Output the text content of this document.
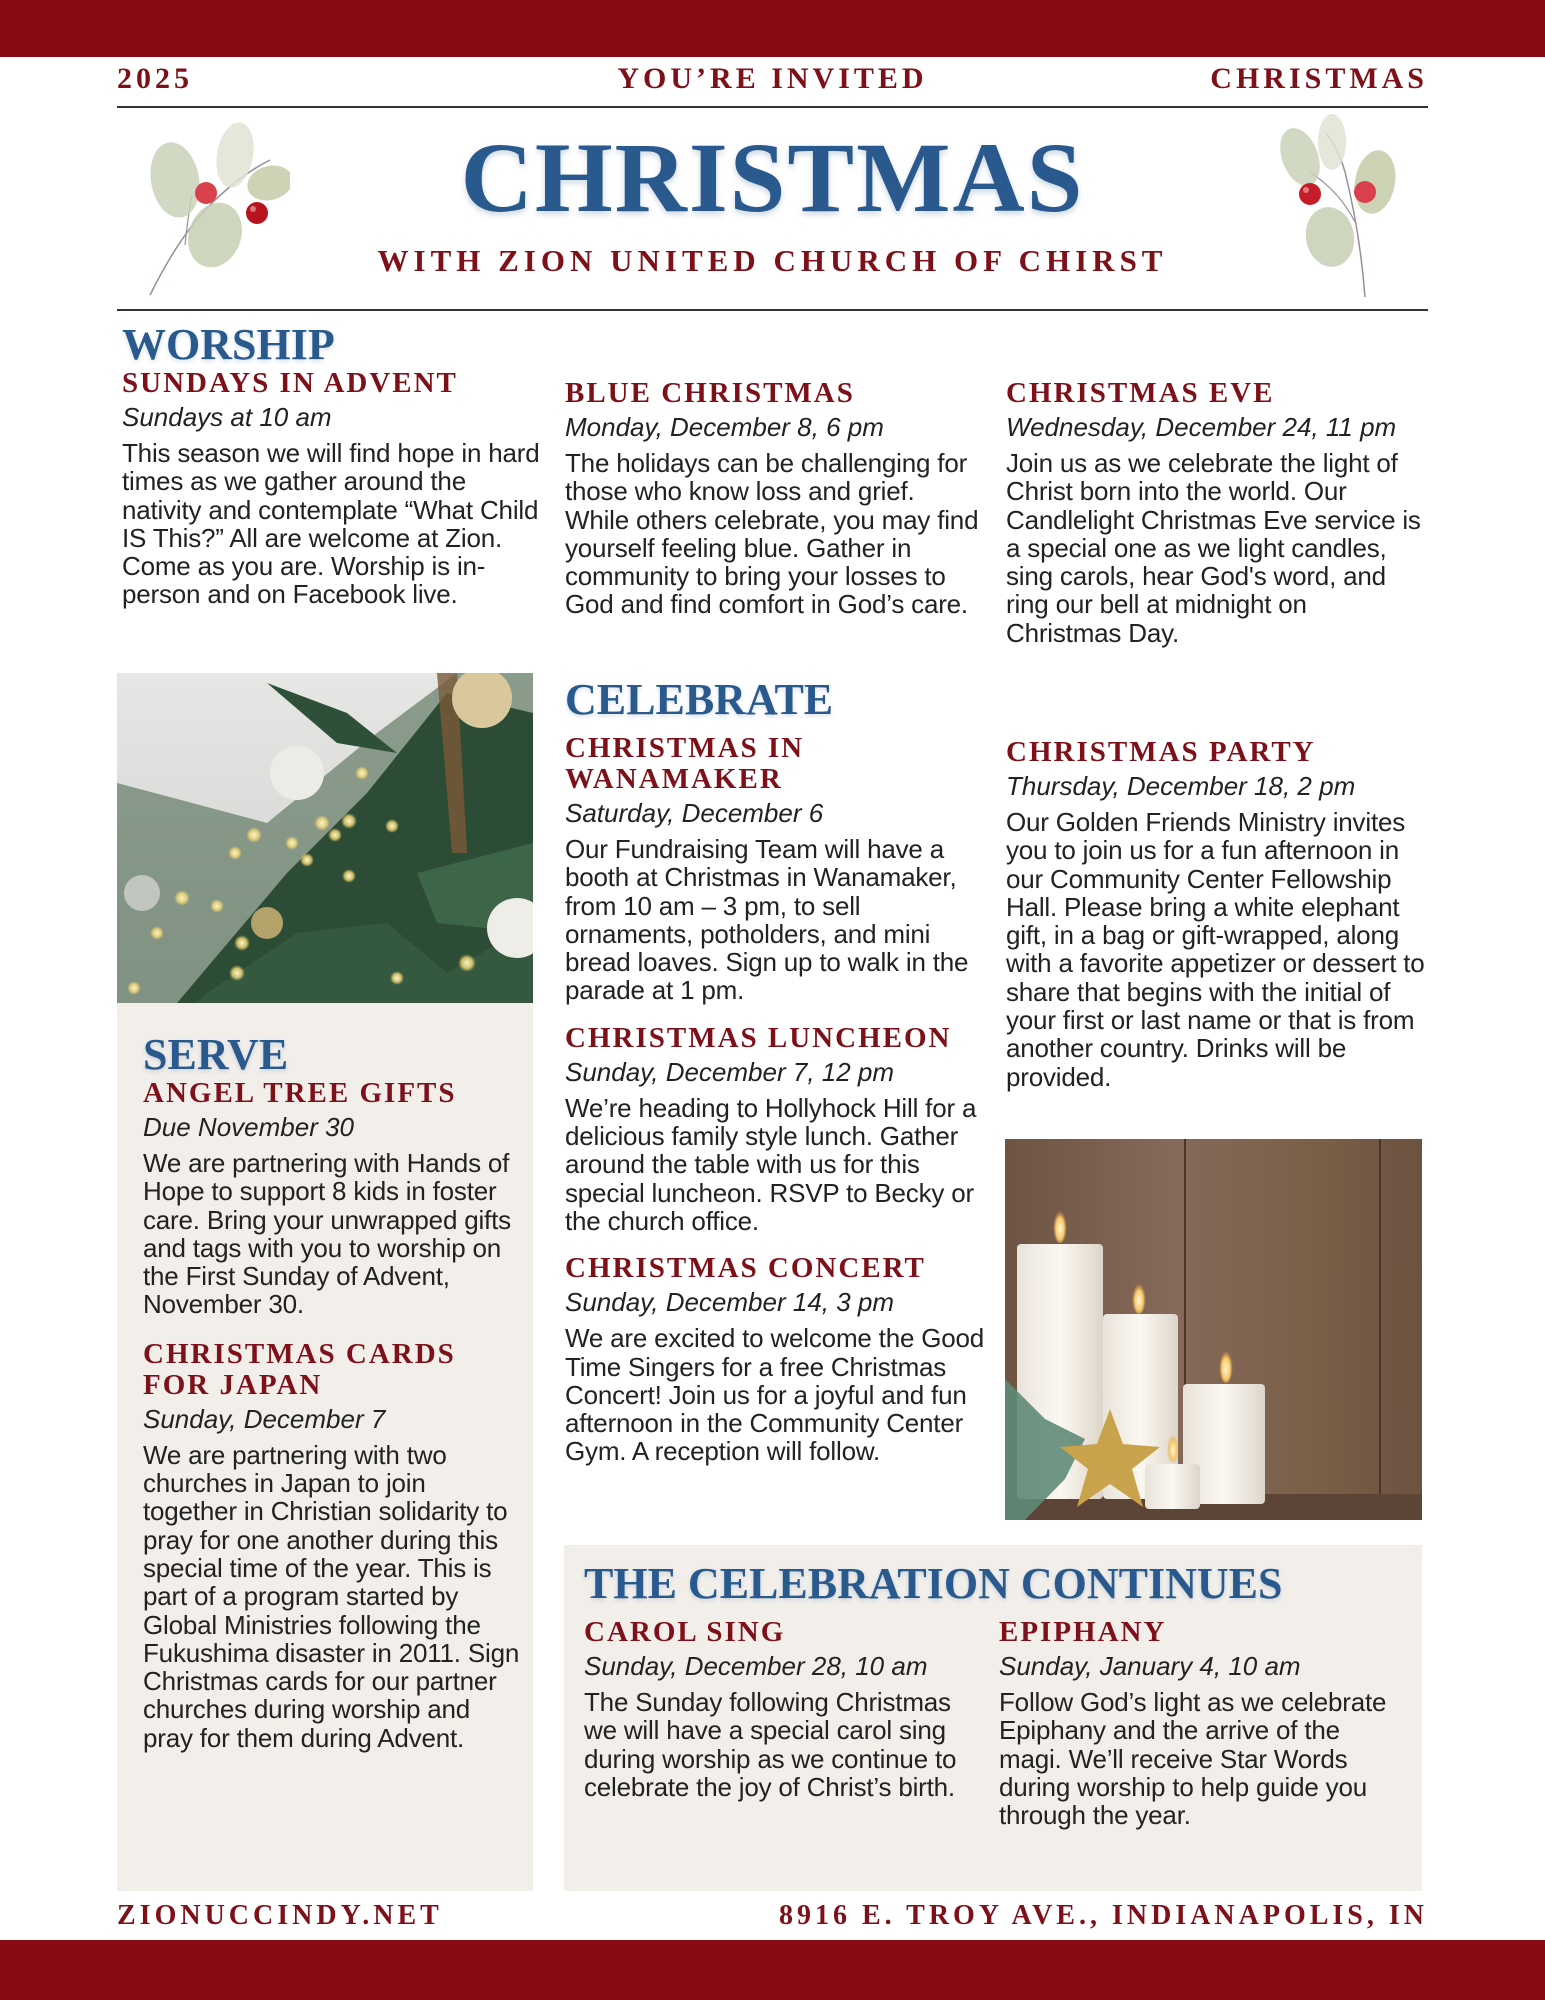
2025	YOU’RE INVITED	CHRISTMAS
CHRISTMAS
WITH ZION UNITED CHURCH OF CHIRST
WORSHIP
SUNDAYS IN ADVENT
Sundays at 10 am
This season we will find hope in hard times as we gather around the nativity and contemplate “What Child IS This?” All are welcome at Zion. Come as you are. Worship is in-person and on Facebook live.
BLUE CHRISTMAS
Monday, December 8, 6 pm
The holidays can be challenging for those who know loss and grief. While others celebrate, you may find yourself feeling blue. Gather in community to bring your losses to God and find comfort in God’s care.
CHRISTMAS EVE
Wednesday, December 24, 11 pm
Join us as we celebrate the light of Christ born into the world. Our Candlelight Christmas Eve service is a special one as we light candles, sing carols, hear God's word, and ring our bell at midnight on Christmas Day.
SERVE
ANGEL TREE GIFTS
Due November 30
We are partnering with Hands of Hope to support 8 kids in foster care. Bring your unwrapped gifts and tags with you to worship on the First Sunday of Advent, November 30.
CHRISTMAS CARDS FOR JAPAN
Sunday, December 7
We are partnering with two churches in Japan to join together in Christian solidarity to pray for one another during this special time of the year. This is part of a program started by Global Ministries following the Fukushima disaster in 2011. Sign Christmas cards for our partner churches during worship and pray for them during Advent.
CELEBRATE
CHRISTMAS IN WANAMAKER
Saturday, December 6
Our Fundraising Team will have a booth at Christmas in Wanamaker, from 10 am – 3 pm, to sell ornaments, potholders, and mini bread loaves. Sign up to walk in the parade at 1 pm.
CHRISTMAS LUNCHEON
Sunday, December 7, 12 pm
We’re heading to Hollyhock Hill for a delicious family style lunch. Gather around the table with us for this special luncheon. RSVP to Becky or the church office.
CHRISTMAS CONCERT
Sunday, December 14, 3 pm
We are excited to welcome the Good Time Singers for a free Christmas Concert! Join us for a joyful and fun afternoon in the Community Center Gym. A reception will follow.
CHRISTMAS PARTY
Thursday, December 18, 2 pm
Our Golden Friends Ministry invites you to join us for a fun afternoon in our Community Center Fellowship Hall. Please bring a white elephant gift, in a bag or gift-wrapped, along with a favorite appetizer or dessert to share that begins with the initial of your first or last name or that is from another country. Drinks will be provided.
THE CELEBRATION CONTINUES
CAROL SING
Sunday, December 28, 10 am
The Sunday following Christmas we will have a special carol sing during worship as we continue to celebrate the joy of Christ’s birth.
EPIPHANY
Sunday, January 4, 10 am
Follow God’s light as we celebrate Epiphany and the arrive of the magi. We’ll receive Star Words during worship to help guide you through the year.
ZIONUCCINDY.NET	8916 E. TROY AVE., INDIANAPOLIS, IN
